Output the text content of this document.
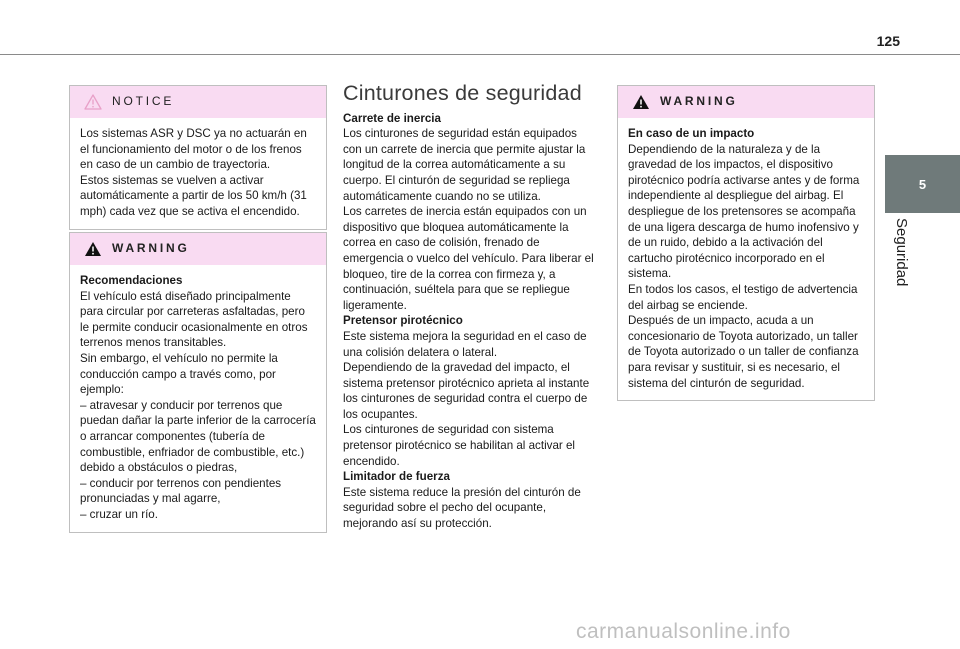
125
5
Seguridad
NOTICE

Los sistemas ASR y DSC ya no actuarán en el funcionamiento del motor o de los frenos en caso de un cambio de trayectoria.
Estos sistemas se vuelven a activar automáticamente a partir de los 50 km/h (31 mph) cada vez que se activa el encendido.

WARNING

Recomendaciones

El vehículo está diseñado principalmente para circular por carreteras asfaltadas, pero le permite conducir ocasionalmente en otros terrenos menos transitables.
Sin embargo, el vehículo no permite la conducción campo a través como, por ejemplo:
– atravesar y conducir por terrenos que puedan dañar la parte inferior de la carrocería o arrancar componentes (tubería de combustible, enfriador de combustible, etc.) debido a obstáculos o piedras,
– conducir por terrenos con pendientes pronunciadas y mal agarre,
– cruzar un río.

Cinturones de seguridad

Carrete de inercia

Los cinturones de seguridad están equipados con un carrete de inercia que permite ajustar la longitud de la correa automáticamente a su cuerpo. El cinturón de seguridad se repliega automáticamente cuando no se utiliza.
Los carretes de inercia están equipados con un dispositivo que bloquea automáticamente la correa en caso de colisión, frenado de emergencia o vuelco del vehículo. Para liberar el bloqueo, tire de la correa con firmeza y, a continuación, suéltela para que se repliegue ligeramente.

Pretensor pirotécnico

Este sistema mejora la seguridad en el caso de una colisión delatera o lateral.
Dependiendo de la gravedad del impacto, el sistema pretensor pirotécnico aprieta al instante los cinturones de seguridad contra el cuerpo de los ocupantes.
Los cinturones de seguridad con sistema pretensor pirotécnico se habilitan al activar el encendido.

Limitador de fuerza

Este sistema reduce la presión del cinturón de seguridad sobre el pecho del ocupante, mejorando así su protección.

WARNING

En caso de un impacto

Dependiendo de la naturaleza y de la gravedad de los impactos, el dispositivo pirotécnico podría activarse antes y de forma independiente al despliegue del airbag. El despliegue de los pretensores se acompaña de una ligera descarga de humo inofensivo y de un ruido, debido a la activación del cartucho pirotécnico incorporado en el sistema.
En todos los casos, el testigo de advertencia del airbag se enciende.
Después de un impacto, acuda a un concesionario de Toyota autorizado, un taller de Toyota autorizado o un taller de confianza para revisar y sustituir, si es necesario, el sistema del cinturón de seguridad.

carmanualsonline.info
